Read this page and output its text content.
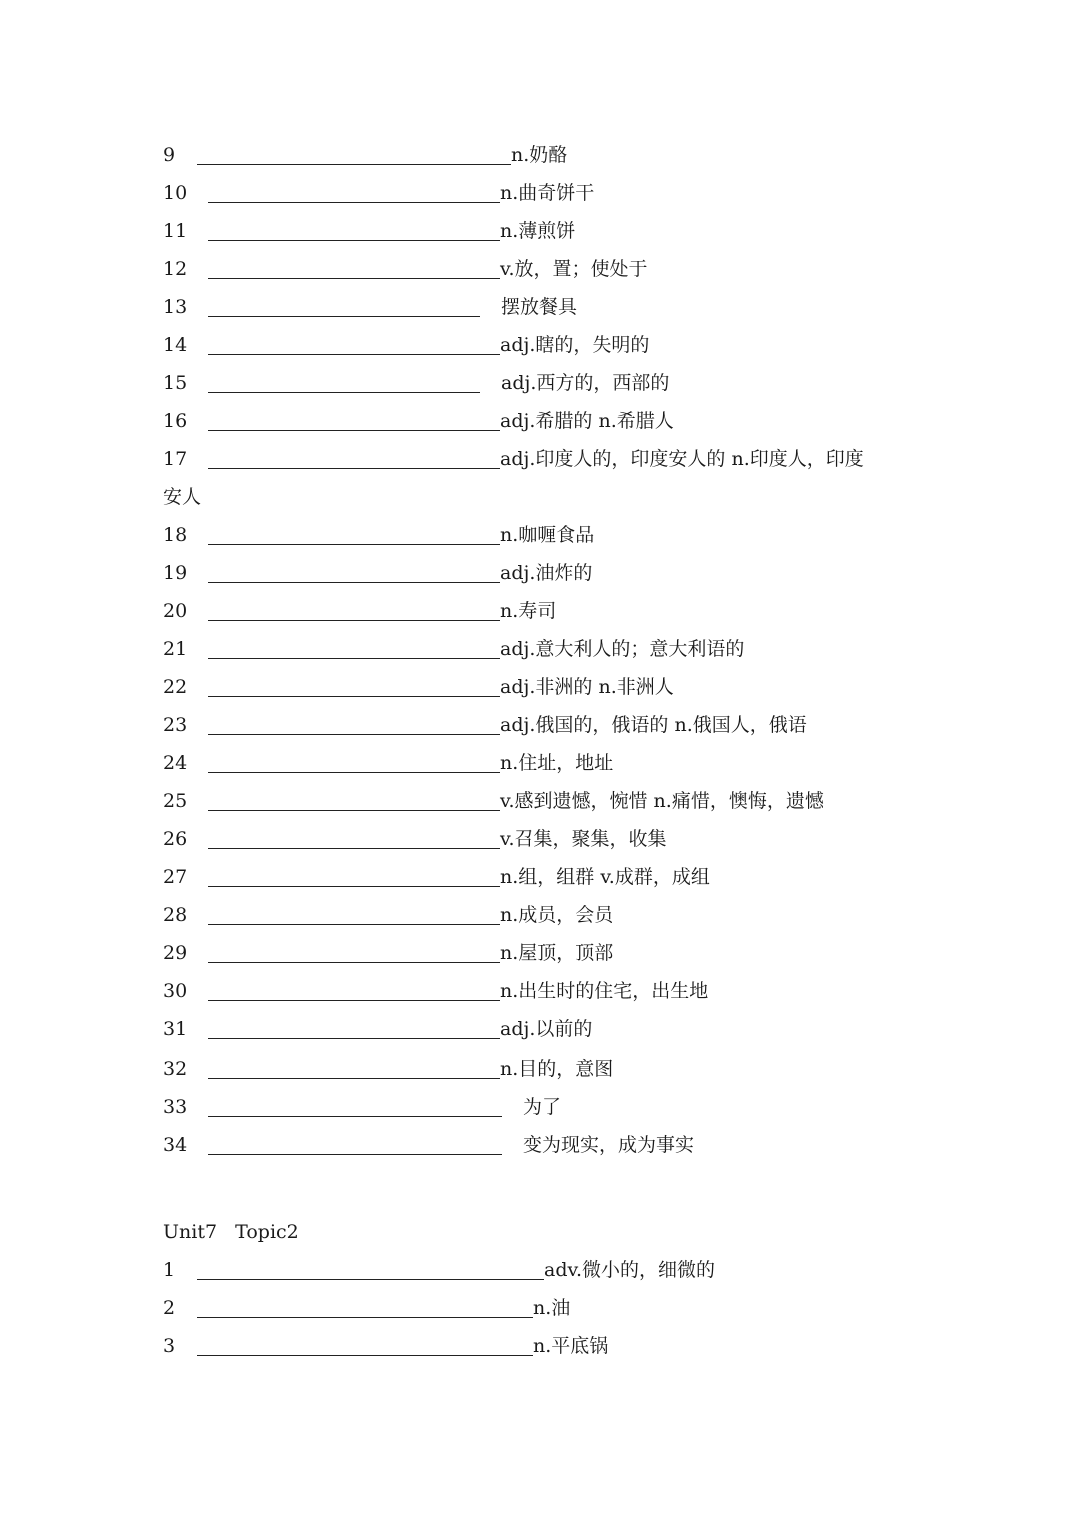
9	n.奶酪
10	n.曲奇饼干
11	n.薄煎饼
12	v.放，置；使处于
13	摆放餐具
14	adj.瞎的，失明的
15	adj.西方的，西部的
16	adj.希腊的 n.希腊人
17	adj.印度人的，印度安人的 n.印度人，印度
安人
18	n.咖喱食品
19	adj.油炸的
20	n.寿司
21	adj.意大利人的；意大利语的
22	adj.非洲的 n.非洲人
23	adj.俄国的，俄语的 n.俄国人，俄语
24	n.住址，地址
25	v.感到遗憾，惋惜 n.痛惜，懊悔，遗憾
26	v.召集，聚集，收集
27	n.组，组群 v.成群，成组
28	n.成员，会员
29	n.屋顶，顶部
30	n.出生时的住宅，出生地
31	adj.以前的
32	n.目的，意图
33	为了
34	变为现实，成为事实
Unit7   Topic2
1	adv.微小的，细微的
2	n.油
3	n.平底锅
